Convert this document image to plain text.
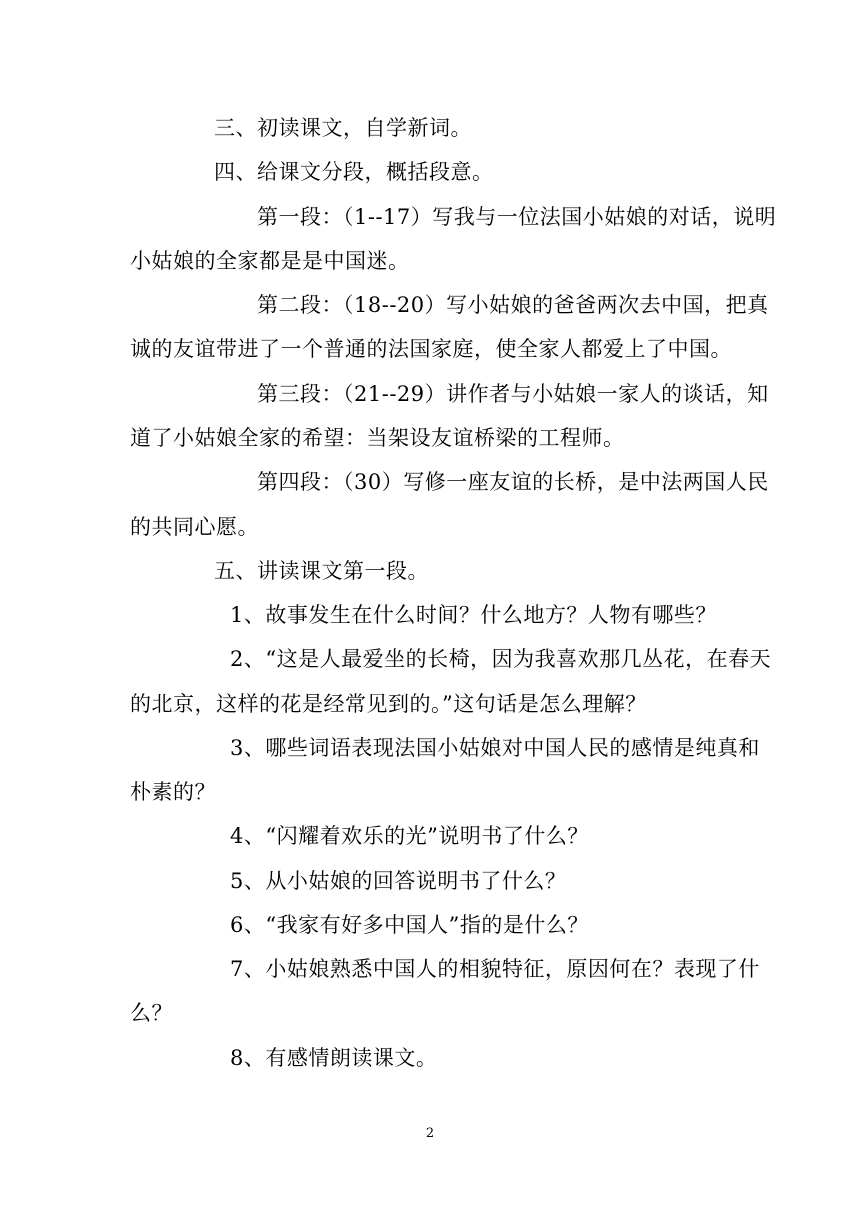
三、初读课文，自学新词。
四、给课文分段，概括段意。
第一段：（1--17）写我与一位法国小姑娘的对话，说明
小姑娘的全家都是是中国迷。
第二段：（18--20）写小姑娘的爸爸两次去中国，把真
诚的友谊带进了一个普通的法国家庭，使全家人都爱上了中国。
第三段：（21--29）讲作者与小姑娘一家人的谈话，知
道了小姑娘全家的希望：当架设友谊桥梁的工程师。
第四段：（30）写修一座友谊的长桥，是中法两国人民
的共同心愿。
五、讲读课文第一段。
1、故事发生在什么时间？什么地方？人物有哪些？
2、“这是人最爱坐的长椅，因为我喜欢那几丛花，在春天
的北京，这样的花是经常见到的。”这句话是怎么理解？
3、哪些词语表现法国小姑娘对中国人民的感情是纯真和
朴素的？
4、“闪耀着欢乐的光”说明书了什么？
5、从小姑娘的回答说明书了什么？
6、“我家有好多中国人”指的是什么？
7、小姑娘熟悉中国人的相貌特征，原因何在？表现了什
么？
8、有感情朗读课文。
2
